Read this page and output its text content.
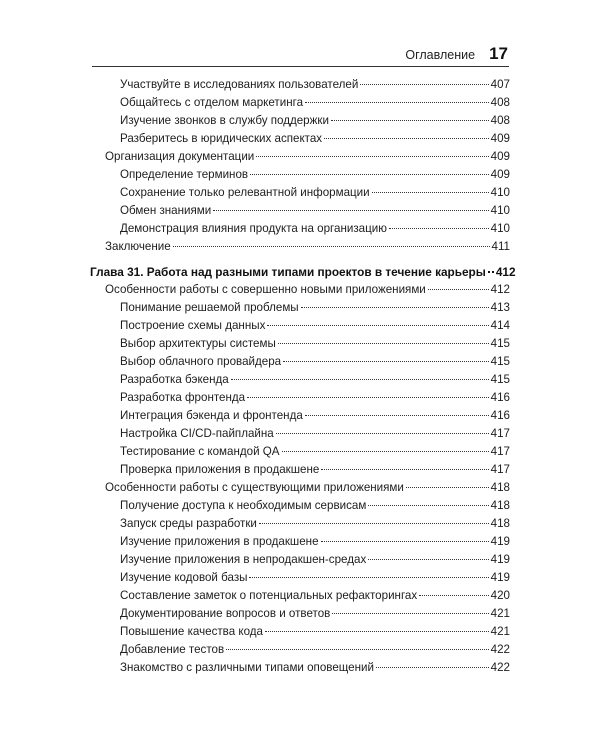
Оглавление 17
Участвуйте в исследованиях пользователей	407
Общайтесь с отделом маркетинга	408
Изучение звонков в службу поддержки	408
Разберитесь в юридических аспектах	409
Организация документации	409
Определение терминов	409
Сохранение только релевантной информации	410
Обмен знаниями	410
Демонстрация влияния продукта на организацию	410
Заключение	411
Глава 31. Работа над разными типами проектов в течение карьеры 412
Особенности работы с совершенно новыми приложениями	412
Понимание решаемой проблемы	413
Построение схемы данных	414
Выбор архитектуры системы	415
Выбор облачного провайдера	415
Разработка бэкенда	415
Разработка фронтенда	416
Интеграция бэкенда и фронтенда	416
Настройка CI/CD-пайплайна	417
Тестирование с командой QA	417
Проверка приложения в продакшене	417
Особенности работы с существующими приложениями	418
Получение доступа к необходимым сервисам	418
Запуск среды разработки	418
Изучение приложения в продакшене	419
Изучение приложения в непродакшен-средах	419
Изучение кодовой базы	419
Составление заметок о потенциальных рефакторингах	420
Документирование вопросов и ответов	421
Повышение качества кода	421
Добавление тестов	422
Знакомство с различными типами оповещений	422
